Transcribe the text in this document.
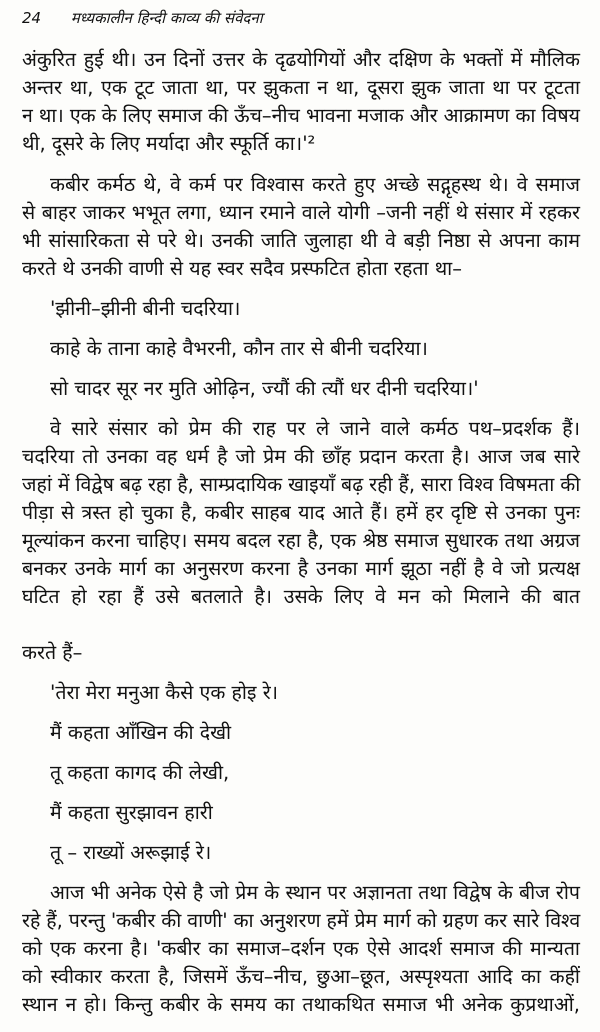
24 मध्यकालीन हिन्दी काव्य की संवेदना
अंकुरित हुई थी। उन दिनों उत्तर के दृढयोगियों और दक्षिण के भक्तों में मौलिक
अन्तर था, एक टूट जाता था, पर झुकता न था, दूसरा झुक जाता था पर टूटता
न था। एक के लिए समाज की ऊँच–नीच भावना मजाक और आक्रामण का विषय
थी, दूसरे के लिए मर्यादा और स्फूर्ति का।'²
कबीर कर्मठ थे, वे कर्म पर विश्वास करते हुए अच्छे सद्गृहस्थ थे। वे समाज
से बाहर जाकर भभूत लगा, ध्यान रमाने वाले योगी –जनी नहीं थे संसार में रहकर
भी सांसारिकता से परे थे। उनकी जाति जुलाहा थी वे बड़ी निष्ठा से अपना काम
करते थे उनकी वाणी से यह स्वर सदैव प्रस्फटित होता रहता था–
'झीनी–झीनी बीनी चदरिया।
काहे के ताना काहे वैभरनी, कौन तार से बीनी चदरिया।
सो चादर सूर नर मुति ओढ़िन, ज्यौं की त्यौं धर दीनी चदरिया।'
वे सारे संसार को प्रेम की राह पर ले जाने वाले कर्मठ पथ–प्रदर्शक हैं।
चदरिया तो उनका वह धर्म है जो प्रेम की छाँह प्रदान करता है। आज जब सारे
जहां में विद्वेष बढ़ रहा है, साम्प्रदायिक खाइयाँ बढ़ रही हैं, सारा विश्व विषमता की
पीड़ा से त्रस्त हो चुका है, कबीर साहब याद आते हैं। हमें हर दृष्टि से उनका पुनः
मूल्यांकन करना चाहिए। समय बदल रहा है, एक श्रेष्ठ समाज सुधारक तथा अग्रज
बनकर उनके मार्ग का अनुसरण करना है उनका मार्ग झूठा नहीं है वे जो प्रत्यक्ष
घटित हो रहा हैं उसे बतलाते है। उसके लिए वे मन को मिलाने की बात
करते हैं–
'तेरा मेरा मनुआ कैसे एक होइ रे।
मैं कहता आँखिन की देखी
तू कहता कागद की लेखी,
मैं कहता सुरझावन हारी
तू – राख्यों अरूझाई रे।
आज भी अनेक ऐसे है जो प्रेम के स्थान पर अज्ञानता तथा विद्वेष के बीज रोप
रहे हैं, परन्तु 'कबीर की वाणी' का अनुशरण हमें प्रेम मार्ग को ग्रहण कर सारे विश्व
को एक करना है। 'कबीर का समाज–दर्शन एक ऐसे आदर्श समाज की मान्यता
को स्वीकार करता है, जिसमें ऊँच–नीच, छुआ–छूत, अस्पृश्यता आदि का कहीं
स्थान न हो। किन्तु कबीर के समय का तथाकथित समाज भी अनेक कुप्रथाओं,
